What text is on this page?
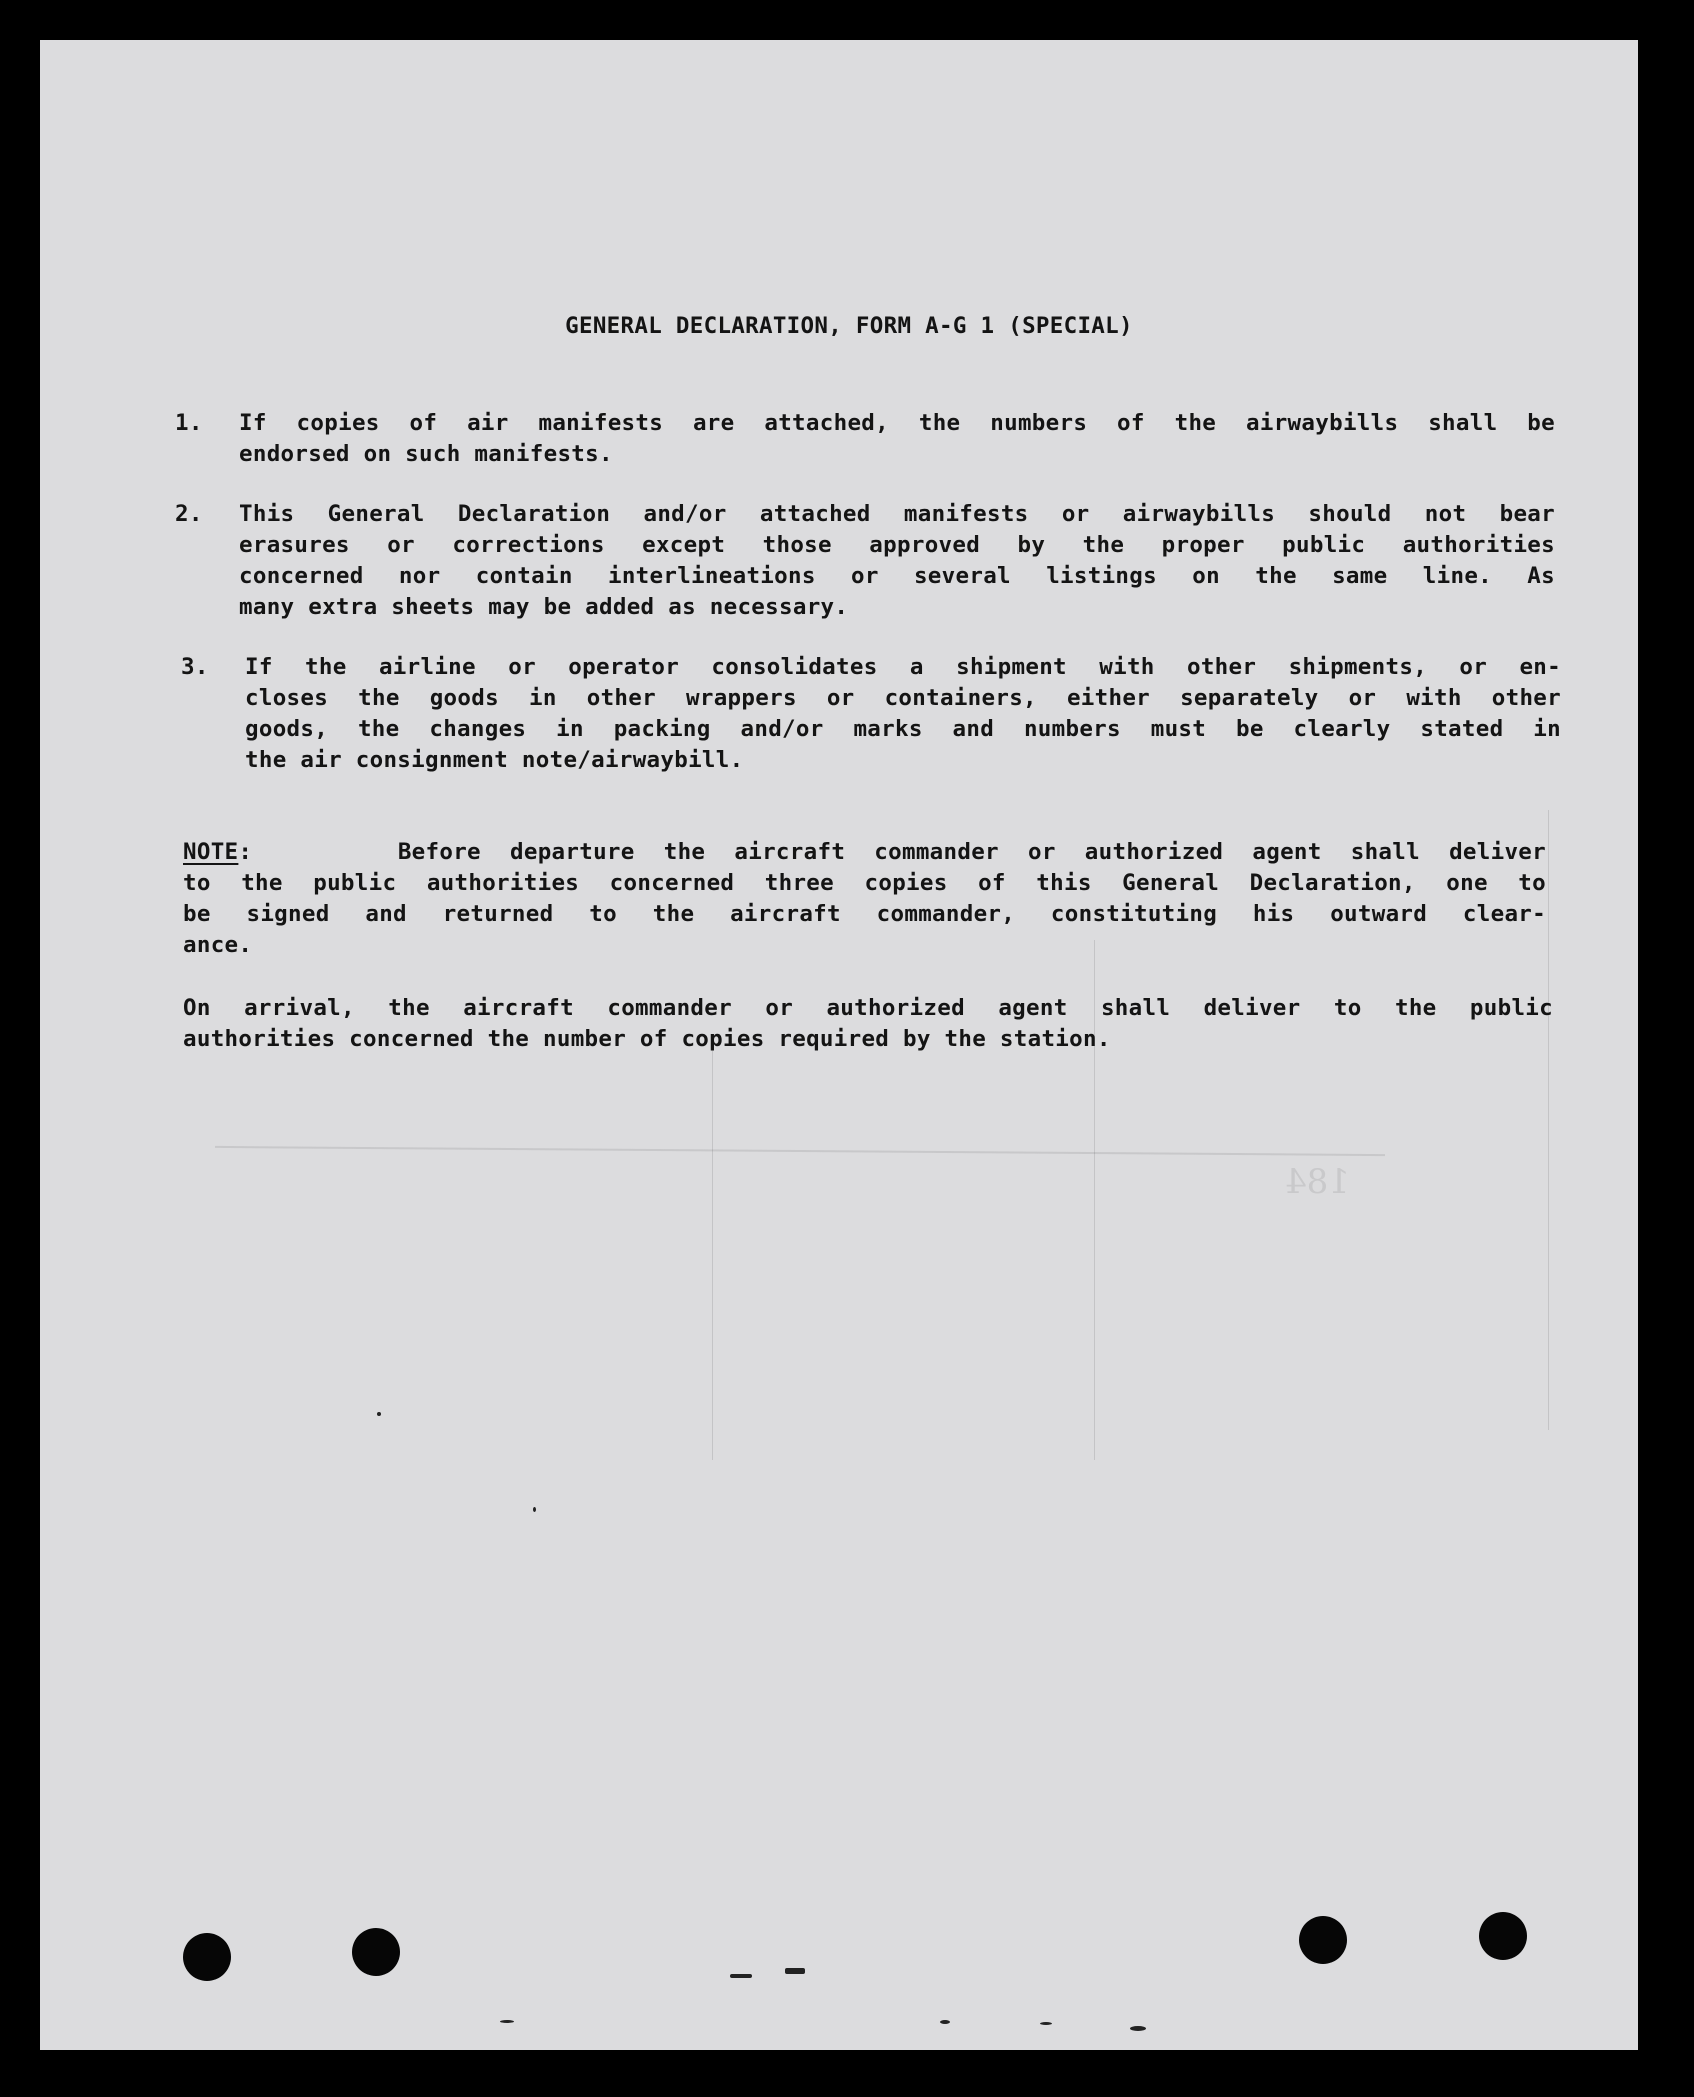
184
GENERAL DECLARATION, FORM A-G 1 (SPECIAL)
1.	If copies of air manifests are attached, the numbers of the airwaybills shall be
endorsed on such manifests.
2.	This General Declaration and/or attached manifests or airwaybills should not bear
erasures or corrections except those approved by the proper public authorities
concerned nor contain interlineations or several listings on the same line. As
many extra sheets may be added as necessary.
3.	If the airline or operator consolidates a shipment with other shipments, or en-
closes the goods in other wrappers or containers, either separately or with other
goods, the changes in packing and/or marks and numbers must be clearly stated in
the air consignment note/airwaybill.
NOTE:     Before departure the aircraft commander or authorized agent shall deliver
to the public authorities concerned three copies of this General Declaration, one to
be signed and returned to the aircraft commander, constituting his outward clear-
ance.
On arrival, the aircraft commander or authorized agent shall deliver to the public
authorities concerned the number of copies required by the station.
